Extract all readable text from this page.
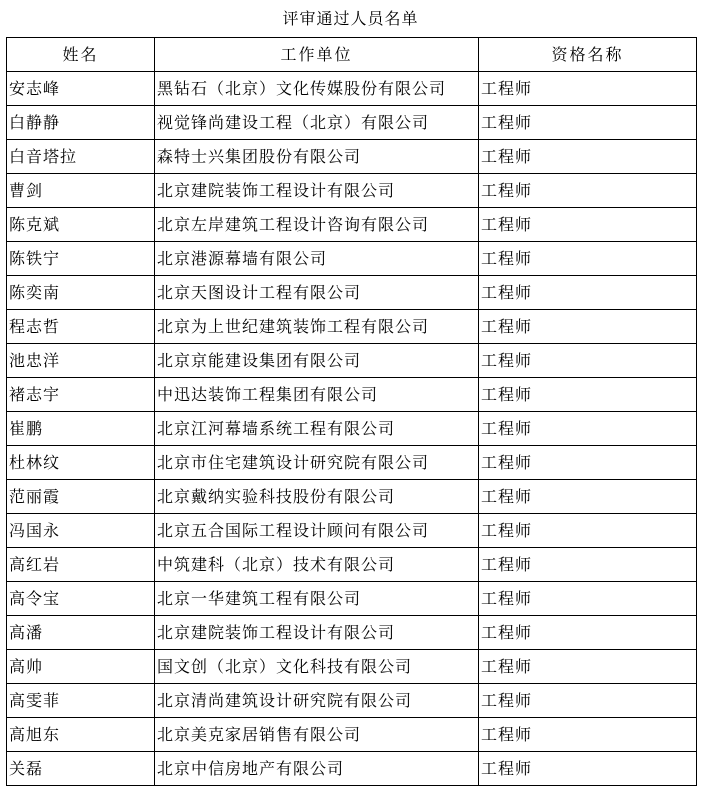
评审通过人员名单
姓名	工作单位	资格名称
安志峰	黑钻石（北京）文化传媒股份有限公司	工程师
白静静	视觉锋尚建设工程（北京）有限公司	工程师
白音塔拉	森特士兴集团股份有限公司	工程师
曹剑	北京建院装饰工程设计有限公司	工程师
陈克斌	北京左岸建筑工程设计咨询有限公司	工程师
陈铁宁	北京港源幕墙有限公司	工程师
陈奕南	北京天图设计工程有限公司	工程师
程志哲	北京为上世纪建筑装饰工程有限公司	工程师
池忠洋	北京京能建设集团有限公司	工程师
褚志宇	中迅达装饰工程集团有限公司	工程师
崔鹏	北京江河幕墙系统工程有限公司	工程师
杜林纹	北京市住宅建筑设计研究院有限公司	工程师
范丽霞	北京戴纳实验科技股份有限公司	工程师
冯国永	北京五合国际工程设计顾问有限公司	工程师
高红岩	中筑建科（北京）技术有限公司	工程师
高令宝	北京一华建筑工程有限公司	工程师
高潘	北京建院装饰工程设计有限公司	工程师
高帅	国文创（北京）文化科技有限公司	工程师
高雯菲	北京清尚建筑设计研究院有限公司	工程师
高旭东	北京美克家居销售有限公司	工程师
关磊	北京中信房地产有限公司	工程师
